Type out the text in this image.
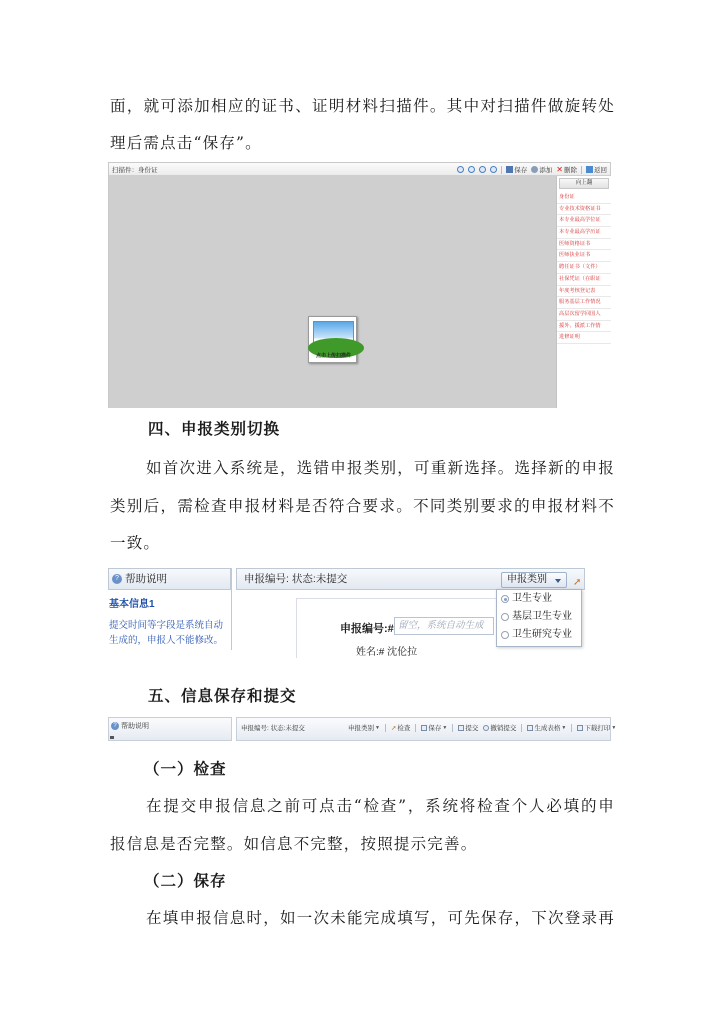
面，就可添加相应的证书、证明材料扫描件。其中对扫描件做旋转处
理后需点击“保存”。
扫描件：身份证	保存 添加 ✕ 删除	返回
点击上传扫描件
向上翻
身份证
专业技术资格证书
本专业最高学位证
本专业最高学历证
医师资格证书
医师执业证书
聘任证书（文件）
社保凭证（在职证
年度考核登记表
服务基层工作情况
高层次留学回国人
援外、援派工作情
进修证明
四、申报类别切换
如首次进入系统是，选错申报类别，可重新选择。选择新的申报
类别后，需检查申报材料是否符合要求。不同类别要求的申报材料不
一致。
? 帮助说明
基本信息1
提交时间等字段是系统自动
生成的，申报人不能修改。
申报编号: 状态:未提交	申报类别	➚
申报编号:# 留空，系统自动生成
姓名:# 沈伦拉
卫生专业
基层卫生专业
卫生研究专业
五、信息保存和提交
? 帮助说明	申报编号: 状态:未提交	申报类别 ▼ ➚ 检查	保存 ▼	提交 撤销提交	生成表格 ▼	下载打印 ▼
（一）检查
在提交申报信息之前可点击“检查”，系统将检查个人必填的申
报信息是否完整。如信息不完整，按照提示完善。
（二）保存
在填申报信息时，如一次未能完成填写，可先保存，下次登录再
